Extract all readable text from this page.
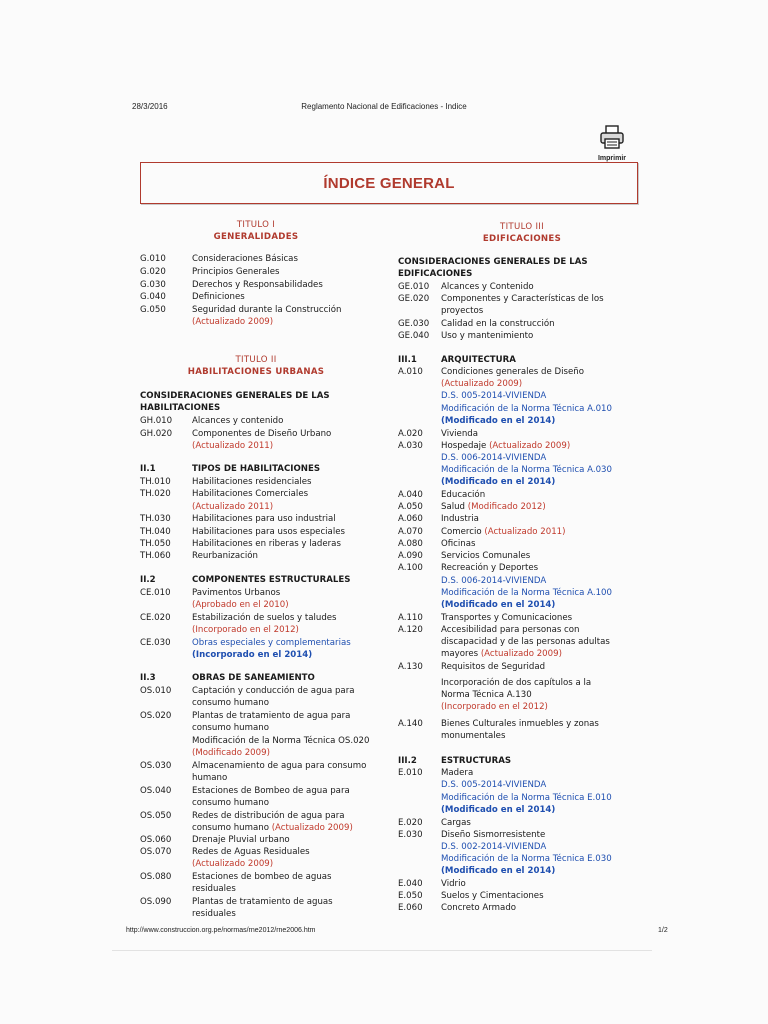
28/3/2016	Reglamento Nacional de Edificaciones - Indice
Imprimir
ÍNDICE GENERAL
TITULO I
GENERALIDADES
G.010	Consideraciones Básicas
G.020	Principios Generales
G.030	Derechos y Responsabilidades
G.040	Definiciones
G.050	Seguridad durante la Construcción
(Actualizado 2009)
TITULO II
HABILITACIONES URBANAS
CONSIDERACIONES GENERALES DE LAS
HABILITACIONES
GH.010 Alcances y contenido
GH.020 Componentes de Diseño Urbano
(Actualizado 2011)
II.1	TIPOS DE HABILITACIONES
TH.010 Habilitaciones residenciales
TH.020 Habilitaciones Comerciales
(Actualizado 2011)
TH.030 Habilitaciones para uso industrial
TH.040 Habilitaciones para usos especiales
TH.050 Habilitaciones en riberas y laderas
TH.060 Reurbanización
II.2	COMPONENTES ESTRUCTURALES
CE.010 Pavimentos Urbanos
(Aprobado en el 2010)
CE.020 Estabilización de suelos y taludes
(Incorporado en el 2012)
CE.030 Obras especiales y complementarias
(Incorporado en el 2014)
II.3	OBRAS DE SANEAMIENTO
OS.010 Captación y conducción de agua para
consumo humano
OS.020 Plantas de tratamiento de agua para
consumo humano
Modificación de la Norma Técnica OS.020
(Modificado 2009)
OS.030 Almacenamiento de agua para consumo
humano
OS.040 Estaciones de Bombeo de agua para
consumo humano
OS.050 Redes de distribución de agua para
consumo humano (Actualizado 2009)
OS.060 Drenaje Pluvial urbano
OS.070 Redes de Aguas Residuales
(Actualizado 2009)
OS.080 Estaciones de bombeo de aguas
residuales
OS.090 Plantas de tratamiento de aguas
residuales
TITULO III
EDIFICACIONES
CONSIDERACIONES GENERALES DE LAS
EDIFICACIONES
GE.010 Alcances y Contenido
GE.020 Componentes y Características de los
proyectos
GE.030 Calidad en la construcción
GE.040 Uso y mantenimiento
III.1	ARQUITECTURA
A.010 Condiciones generales de Diseño
(Actualizado 2009)
D.S. 005-2014-VIVIENDA
Modificación de la Norma Técnica A.010
(Modificado en el 2014)
A.020 Vivienda
A.030 Hospedaje (Actualizado 2009)
D.S. 006-2014-VIVIENDA
Modificación de la Norma Técnica A.030
(Modificado en el 2014)
A.040 Educación
A.050 Salud (Modificado 2012)
A.060 Industria
A.070 Comercio (Actualizado 2011)
A.080 Oficinas
A.090 Servicios Comunales
A.100 Recreación y Deportes
D.S. 006-2014-VIVIENDA
Modificación de la Norma Técnica A.100
(Modificado en el 2014)
A.110 Transportes y Comunicaciones
A.120 Accesibilidad para personas con
discapacidad y de las personas adultas
mayores (Actualizado 2009)
A.130 Requisitos de Seguridad
Incorporación de dos capítulos a la
Norma Técnica A.130
(Incorporado en el 2012)
A.140 Bienes Culturales inmuebles y zonas
monumentales
III.2	ESTRUCTURAS
E.010 Madera
D.S. 005-2014-VIVIENDA
Modificación de la Norma Técnica E.010
(Modificado en el 2014)
E.020 Cargas
E.030 Diseño Sismorresistente
D.S. 002-2014-VIVIENDA
Modificación de la Norma Técnica E.030
(Modificado en el 2014)
E.040 Vidrio
E.050 Suelos y Cimentaciones
E.060 Concreto Armado
http://www.construccion.org.pe/normas/rne2012/rne2006.htm	1/2
